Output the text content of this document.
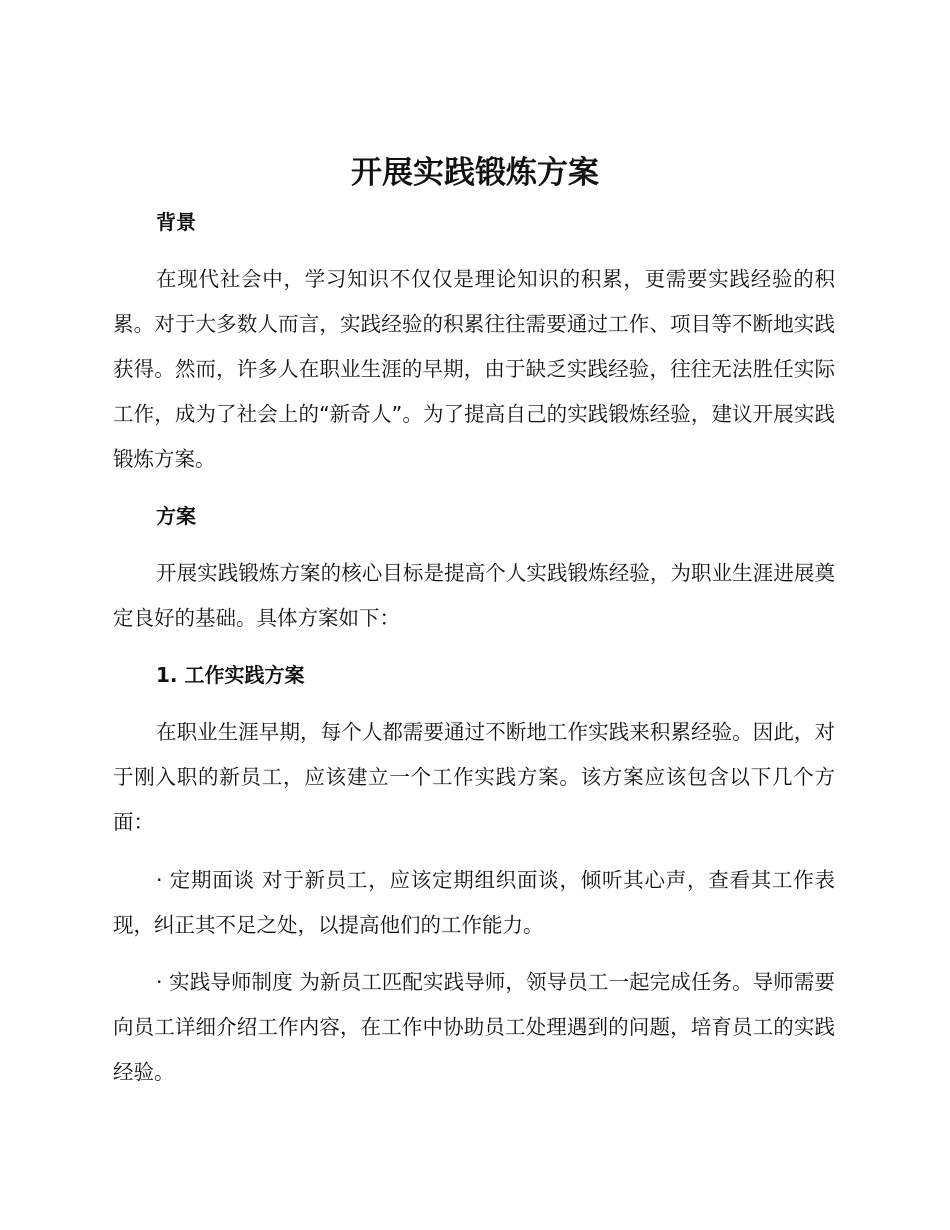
开展实践锻炼方案
背景

在现代社会中，学习知识不仅仅是理论知识的积累，更需要实践经验的积累。对于大多数人而言，实践经验的积累往往需要通过工作、项目等不断地实践获得。然而，许多人在职业生涯的早期，由于缺乏实践经验，往往无法胜任实际工作，成为了社会上的“新奇人”。为了提高自己的实践锻炼经验，建议开展实践锻炼方案。

方案

开展实践锻炼方案的核心目标是提高个人实践锻炼经验，为职业生涯进展奠定良好的基础。具体方案如下：

1. 工作实践方案

在职业生涯早期，每个人都需要通过不断地工作实践来积累经验。因此，对于刚入职的新员工，应该建立一个工作实践方案。该方案应该包含以下几个方面：

· 定期面谈 对于新员工，应该定期组织面谈，倾听其心声，查看其工作表现，纠正其不足之处，以提高他们的工作能力。

· 实践导师制度 为新员工匹配实践导师，领导员工一起完成任务。导师需要向员工详细介绍工作内容，在工作中协助员工处理遇到的问题，培育员工的实践经验。
